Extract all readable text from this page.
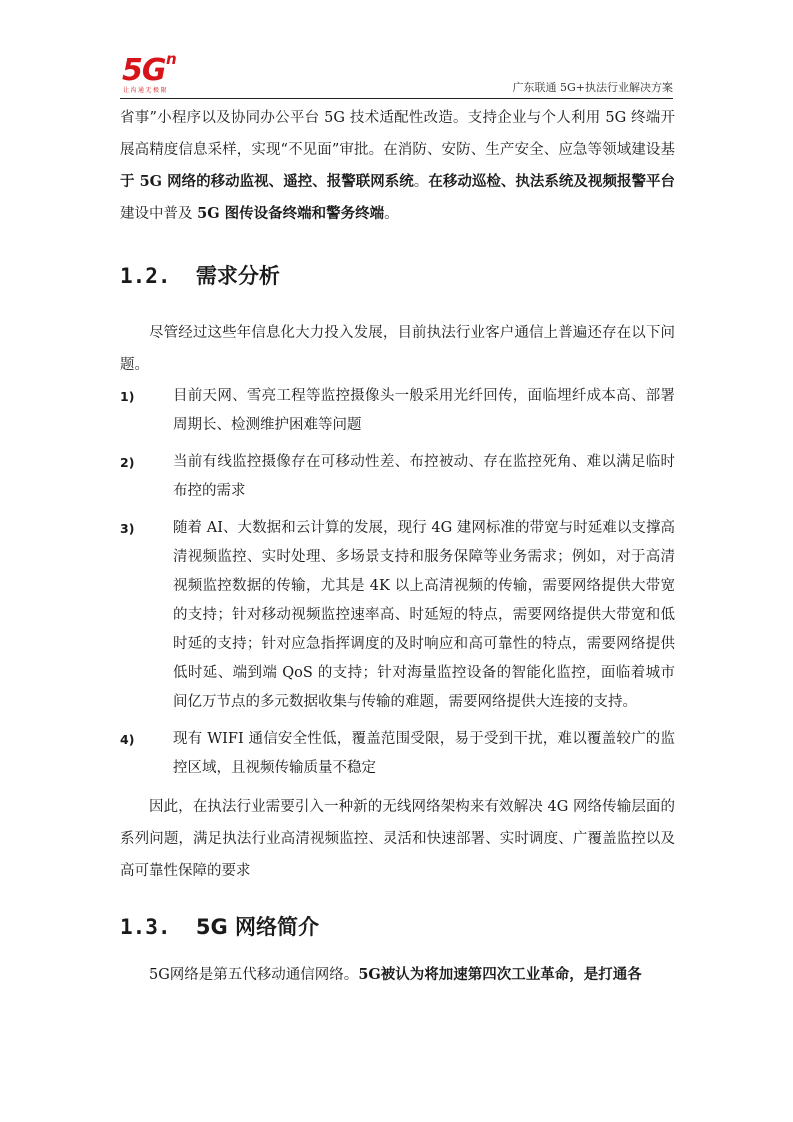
5G n
让沟通无极限	广东联通 5G+执法行业解决方案

省事”小程序以及协同办公平台 5G 技术适配性改造。支持企业与个人利用 5G 终端开展高精度信息采样，实现“不见面”审批。在消防、安防、生产安全、应急等领域建设基于 5G 网络的移动监视、遥控、报警联网系统。在移动巡检、执法系统及视频报警平台建设中普及 5G 图传设备终端和警务终端。

1.2. 需求分析

尽管经过这些年信息化大力投入发展，目前执法行业客户通信上普遍还存在以下问题。

1)	目前天网、雪亮工程等监控摄像头一般采用光纤回传，面临埋纤成本高、部署周期长、检测维护困难等问题
2)	当前有线监控摄像存在可移动性差、布控被动、存在监控死角、难以满足临时布控的需求
3)	随着 AI、大数据和云计算的发展，现行 4G 建网标准的带宽与时延难以支撑高清视频监控、实时处理、多场景支持和服务保障等业务需求；例如，对于高清视频监控数据的传输，尤其是 4K 以上高清视频的传输，需要网络提供大带宽的支持；针对移动视频监控速率高、时延短的特点，需要网络提供大带宽和低时延的支持；针对应急指挥调度的及时响应和高可靠性的特点，需要网络提供低时延、端到端 QoS 的支持；针对海量监控设备的智能化监控，面临着城市间亿万节点的多元数据收集与传输的难题，需要网络提供大连接的支持。
4)	现有 WIFI 通信安全性低，覆盖范围受限，易于受到干扰，难以覆盖较广的监控区域，且视频传输质量不稳定

因此，在执法行业需要引入一种新的无线网络架构来有效解决 4G 网络传输层面的系列问题，满足执法行业高清视频监控、灵活和快速部署、实时调度、广覆盖监控以及高可靠性保障的要求

1.3. 5G 网络简介

5G网络是第五代移动通信网络。5G被认为将加速第四次工业革命，是打通各
